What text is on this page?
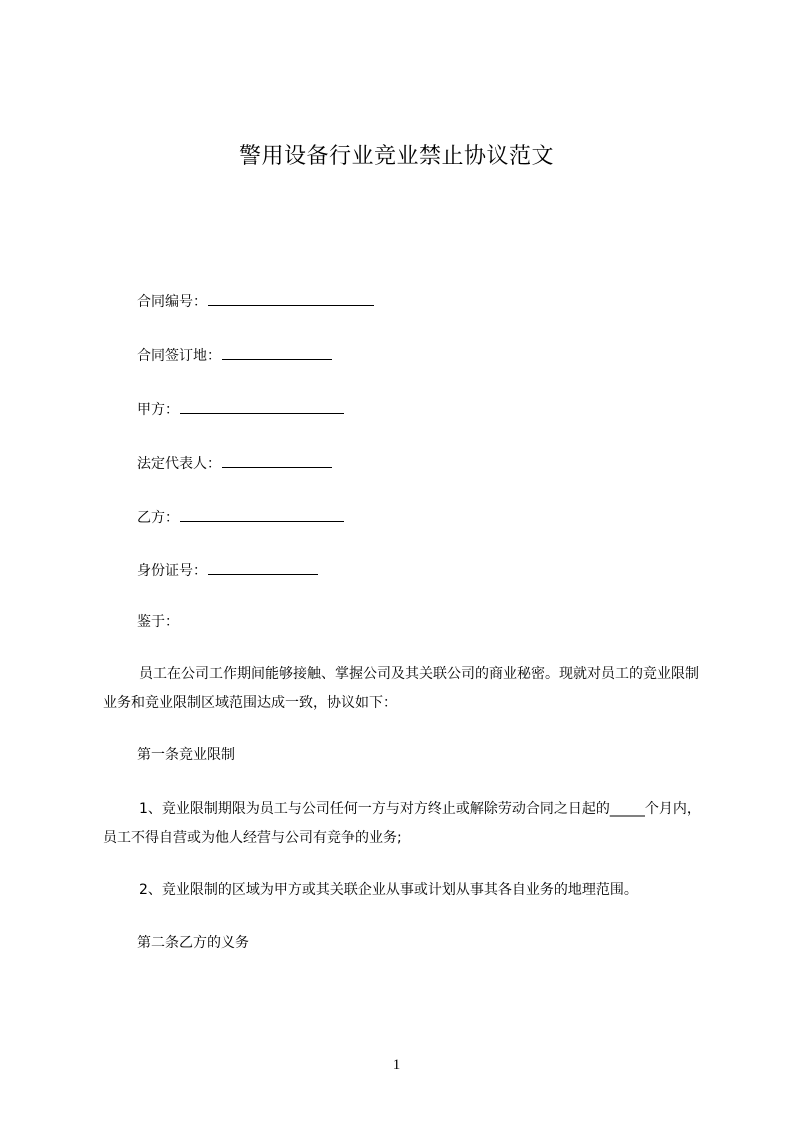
警用设备行业竞业禁止协议范文
合同编号：
合同签订地：
甲方：
法定代表人：
乙方：
身份证号：
鉴于：
员工在公司工作期间能够接触、掌握公司及其关联公司的商业秘密。现就对员工的竞业限制业务和竞业限制区域范围达成一致，协议如下：
第一条竞业限制
1、竞业限制期限为员工与公司任何一方与对方终止或解除劳动合同之日起的_____个月内，员工不得自营或为他人经营与公司有竞争的业务;
2、竞业限制的区域为甲方或其关联企业从事或计划从事其各自业务的地理范围。
第二条乙方的义务
1
